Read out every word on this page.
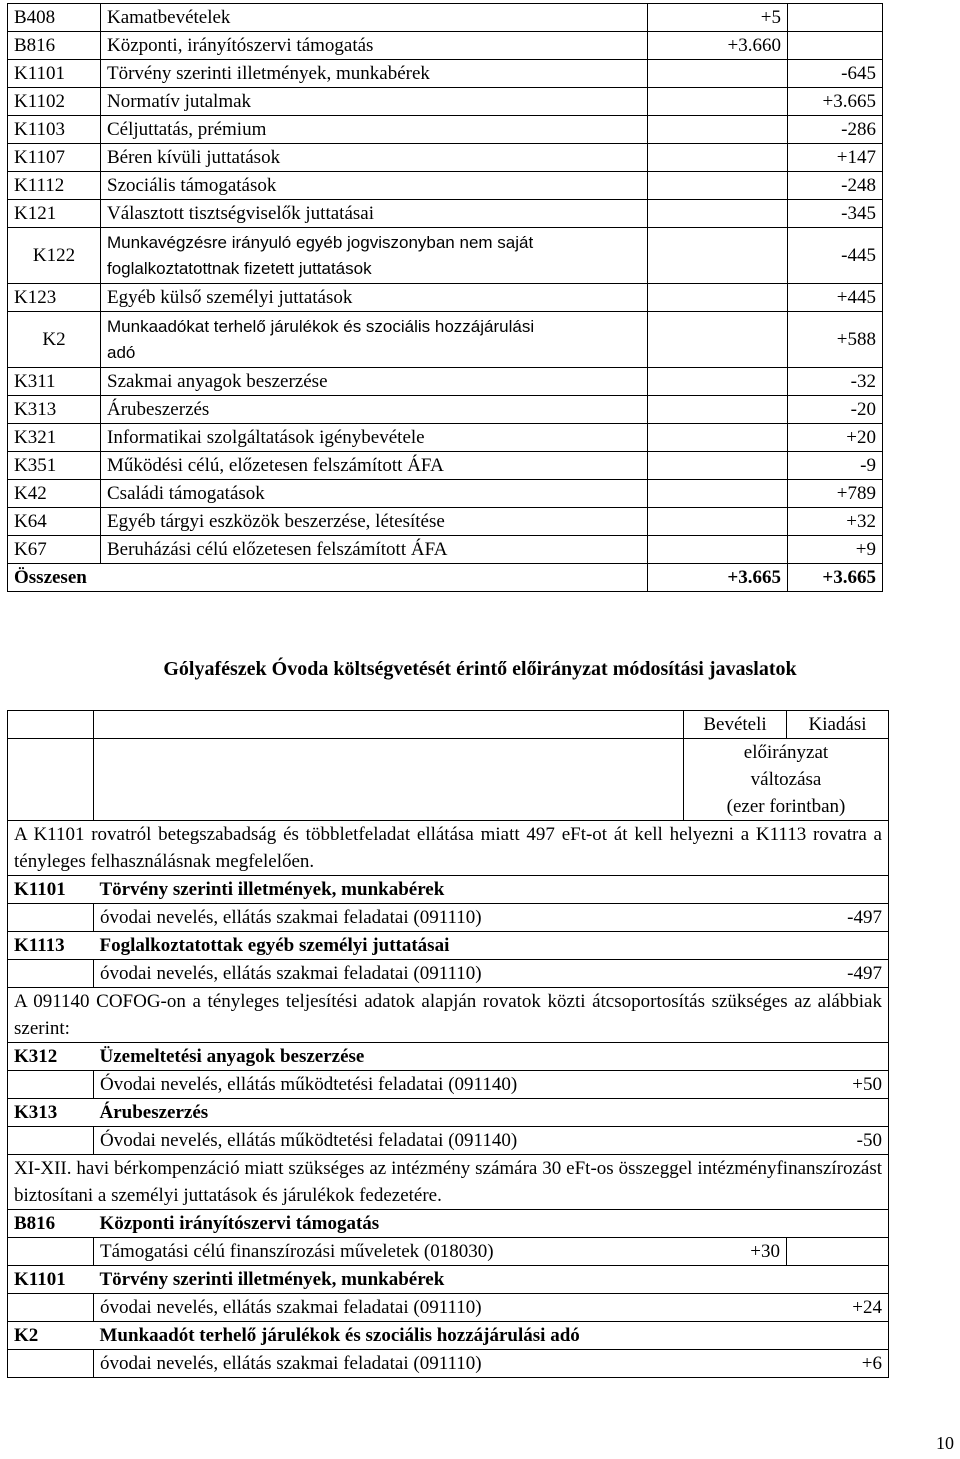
B408	Kamatbevételek	+5	
B816	Központi, irányítószervi támogatás	+3.660	
K1101	Törvény szerinti illetmények, munkabérek		-645
K1102	Normatív jutalmak		+3.665
K1103	Céljuttatás, prémium		-286
K1107	Béren kívüli juttatások		+147
K1112	Szociális támogatások		-248
K121	Választott tisztségviselők juttatásai		-345
K122	Munkavégzésre irányuló egyéb jogviszonyban nem saját
foglalkoztatottnak fizetett juttatások		-445
K123	Egyéb külső személyi juttatások		+445
K2	Munkaadókat terhelő járulékok és szociális hozzájárulási
adó		+588
K311	Szakmai anyagok beszerzése		-32
K313	Árubeszerzés		-20
K321	Informatikai szolgáltatások igénybevétele		+20
K351	Működési célú, előzetesen felszámított ÁFA		-9
K42	Családi támogatások		+789
K64	Egyéb tárgyi eszközök beszerzése, létesítése		+32
K67	Beruházási célú előzetesen felszámított ÁFA		+9
Összesen		+3.665	+3.665
Gólyafészek Óvoda költségvetését érintő előirányzat módosítási javaslatok
		Bevételi	Kiadási
		előirányzat	
		változása	
		(ezer forintban)	
A K1101 rovatról betegszabadság és többletfeladat ellátása miatt 497 eFt-ot át kell helyezni a K1113 rovatra a tényleges felhasználásnak megfelelően.			
K1101	Törvény szerinti illetmények, munkabérek		
	óvodai nevelés, ellátás szakmai feladatai (091110)		-497
K1113	Foglalkoztatottak egyéb személyi juttatásai		
	óvodai nevelés, ellátás szakmai feladatai (091110)		-497
A 091140 COFOG-on a tényleges teljesítési adatok alapján rovatok közti átcsoportosítás szükséges az alábbiak szerint:			
K312	Üzemeltetési anyagok beszerzése		
	Óvodai nevelés, ellátás működtetési feladatai (091140)		+50
K313	Árubeszerzés		
	Óvodai nevelés, ellátás működtetési feladatai (091140)		-50
XI-XII. havi bérkompenzáció miatt szükséges az intézmény számára 30 eFt-os összeggel intézményfinanszírozást biztosítani a személyi juttatások és járulékok fedezetére.			
B816	Központi irányítószervi támogatás		
	Támogatási célú finanszírozási műveletek (018030)	+30	
K1101	Törvény szerinti illetmények, munkabérek		
	óvodai nevelés, ellátás szakmai feladatai (091110)		+24
K2	Munkaadót terhelő járulékok és szociális hozzájárulási adó		
	óvodai nevelés, ellátás szakmai feladatai (091110)		+6
10
